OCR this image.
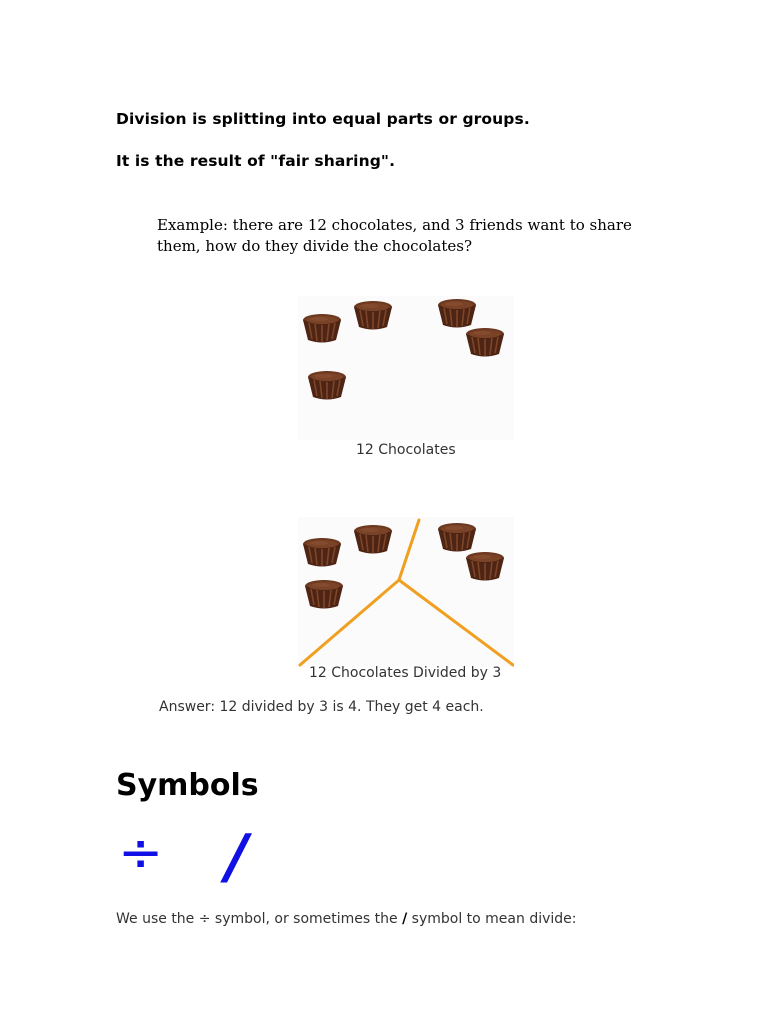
Division is splitting into equal parts or groups.
It is the result of "fair sharing".
Example: there are 12 chocolates, and 3 friends want to share
them, how do they divide the chocolates?
12 Chocolates
12 Chocolates Divided by 3
Answer: 12 divided by 3 is 4. They get 4 each.
Symbols
÷ /
We use the ÷ symbol, or sometimes the / symbol to mean divide:
